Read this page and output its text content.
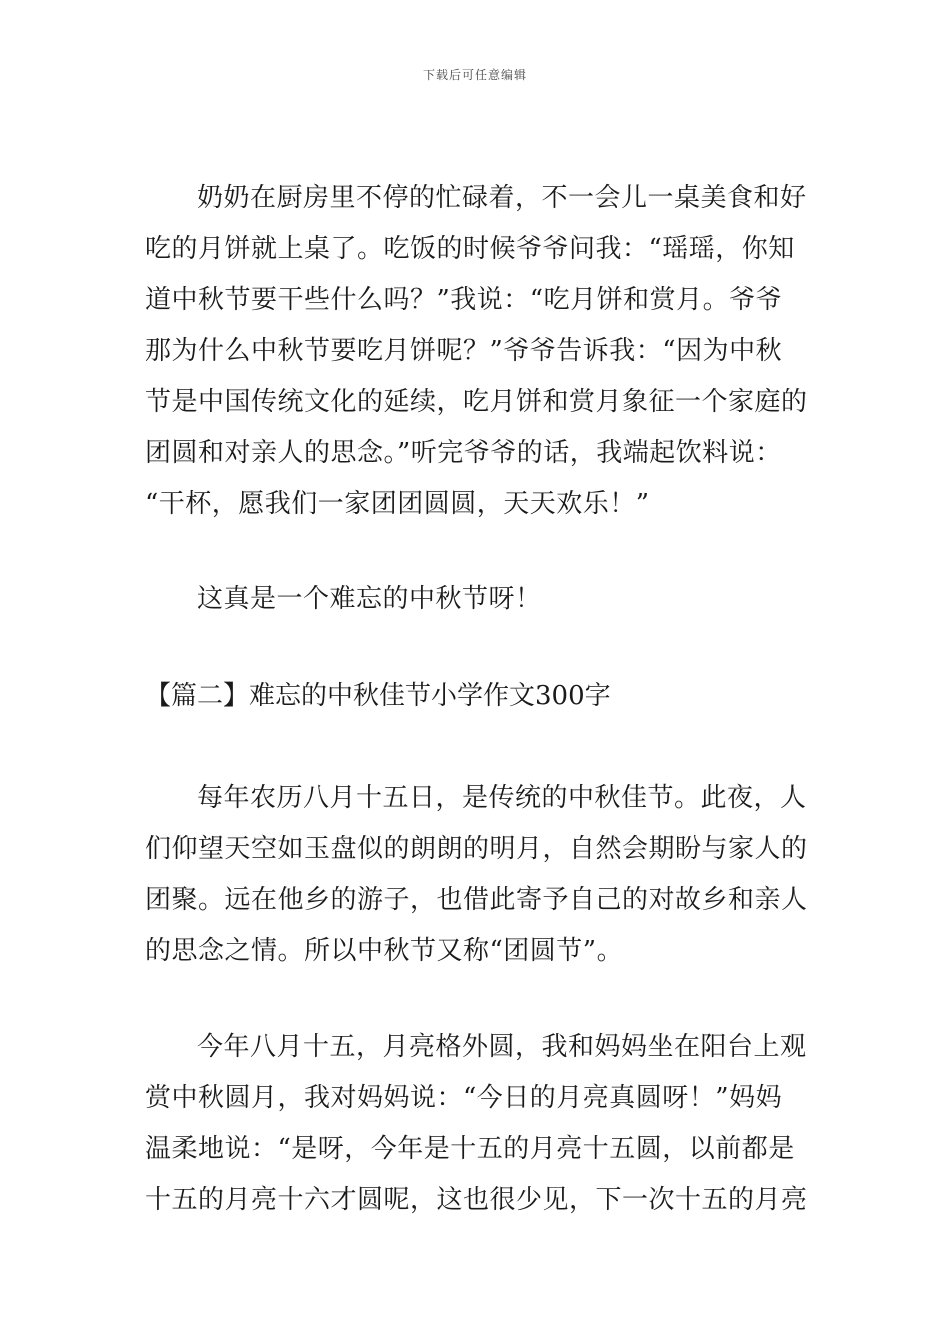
下载后可任意编辑
奶奶在厨房里不停的忙碌着，不一会儿一桌美食和好
吃的月饼就上桌了。吃饭的时候爷爷问我：“瑶瑶，你知
道中秋节要干些什么吗？”我说：“吃月饼和赏月。爷爷
那为什么中秋节要吃月饼呢？”爷爷告诉我：“因为中秋
节是中国传统文化的延续，吃月饼和赏月象征一个家庭的
团圆和对亲人的思念。”听完爷爷的话，我端起饮料说：
“干杯，愿我们一家团团圆圆，天天欢乐！”
这真是一个难忘的中秋节呀！
【篇二】难忘的中秋佳节小学作文300字
每年农历八月十五日，是传统的中秋佳节。此夜，人
们仰望天空如玉盘似的朗朗的明月，自然会期盼与家人的
团聚。远在他乡的游子，也借此寄予自己的对故乡和亲人
的思念之情。所以中秋节又称“团圆节”。
今年八月十五，月亮格外圆，我和妈妈坐在阳台上观
赏中秋圆月，我对妈妈说：“今日的月亮真圆呀！”妈妈
温柔地说：“是呀，今年是十五的月亮十五圆，以前都是
十五的月亮十六才圆呢，这也很少见，下一次十五的月亮
